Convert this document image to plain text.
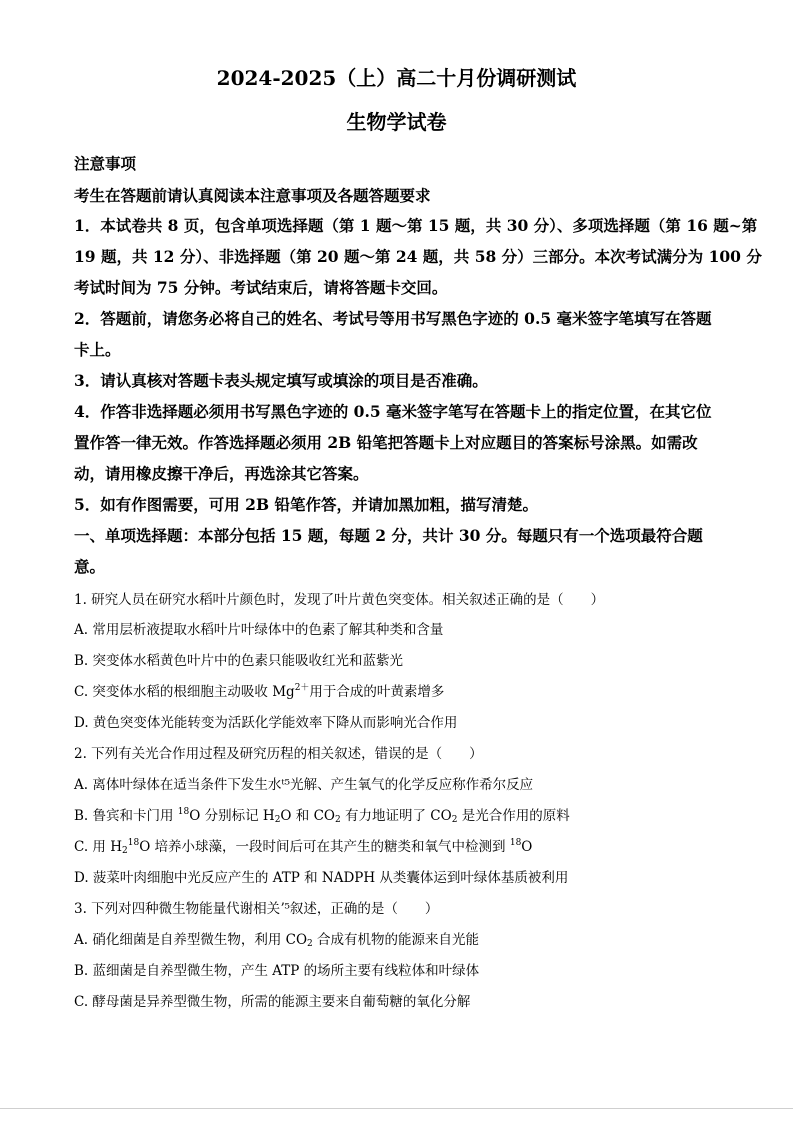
2024-2025（上）高二十月份调研测试
生物学试卷
注意事项
考生在答题前请认真阅读本注意事项及各题答题要求
1．本试卷共 8 页，包含单项选择题（第 1 题～第 15 题，共 30 分）、多项选择题（第 16 题~第
19 题，共 12 分）、非选择题（第 20 题～第 24 题，共 58 分）三部分。本次考试满分为 100 分
考试时间为 75 分钟。考试结束后，请将答题卡交回。
2．答题前，请您务必将自己的姓名、考试号等用书写黑色字迹的 0.5 毫米签字笔填写在答题
卡上。
3．请认真核对答题卡表头规定填写或填涂的项目是否准确。
4．作答非选择题必须用书写黑色字迹的 0.5 毫米签字笔写在答题卡上的指定位置，在其它位
置作答一律无效。作答选择题必须用 2B 铅笔把答题卡上对应题目的答案标号涂黑。如需改
动，请用橡皮擦干净后，再选涂其它答案。
5．如有作图需要，可用 2B 铅笔作答，并请加黑加粗，描写清楚。
一、单项选择题：本部分包括 15 题，每题 2 分，共计 30 分。每题只有一个选项最符合题
意。
1. 研究人员在研究水稻叶片颜色时，发现了叶片黄色突变体。相关叙述正确的是（　　）
A. 常用层析液提取水稻叶片叶绿体中的色素了解其种类和含量
B. 突变体水稻黄色叶片中的色素只能吸收红光和蓝紫光
C. 突变体水稻的根细胞主动吸收 $Mg^{2+}$用于合成的叶黄素增多
D. 黄色突变体光能转变为活跃化学能效率下降从而影响光合作用
2. 下列有关光合作用过程及研究历程的相关叙述，错误的是（　　）
A. 离体叶绿体在适当条件下发生水ᵗ⁵光解、产生氧气的化学反应称作希尔反应
B. 鲁宾和卡门用 $^{18}$O 分别标记 $H_2O$ 和 $CO_2$ 有力地证明了 $CO_2$ 是光合作用的原料
C. 用 $H_2^{18}O$ 培养小球藻，一段时间后可在其产生的糖类和氧气中检测到 $^{18}$O
D. 菠菜叶肉细胞中光反应产生的 ATP 和 NADPH 从类囊体运到叶绿体基质被利用
3. 下列对四种微生物能量代谢相关ʼ⁵叙述，正确的是（　　）
A. 硝化细菌是自养型微生物，利用 $CO_2$ 合成有机物的能源来自光能
B. 蓝细菌是自养型微生物，产生 ATP 的场所主要有线粒体和叶绿体
C. 酵母菌是异养型微生物，所需的能源主要来自葡萄糖的氧化分解
